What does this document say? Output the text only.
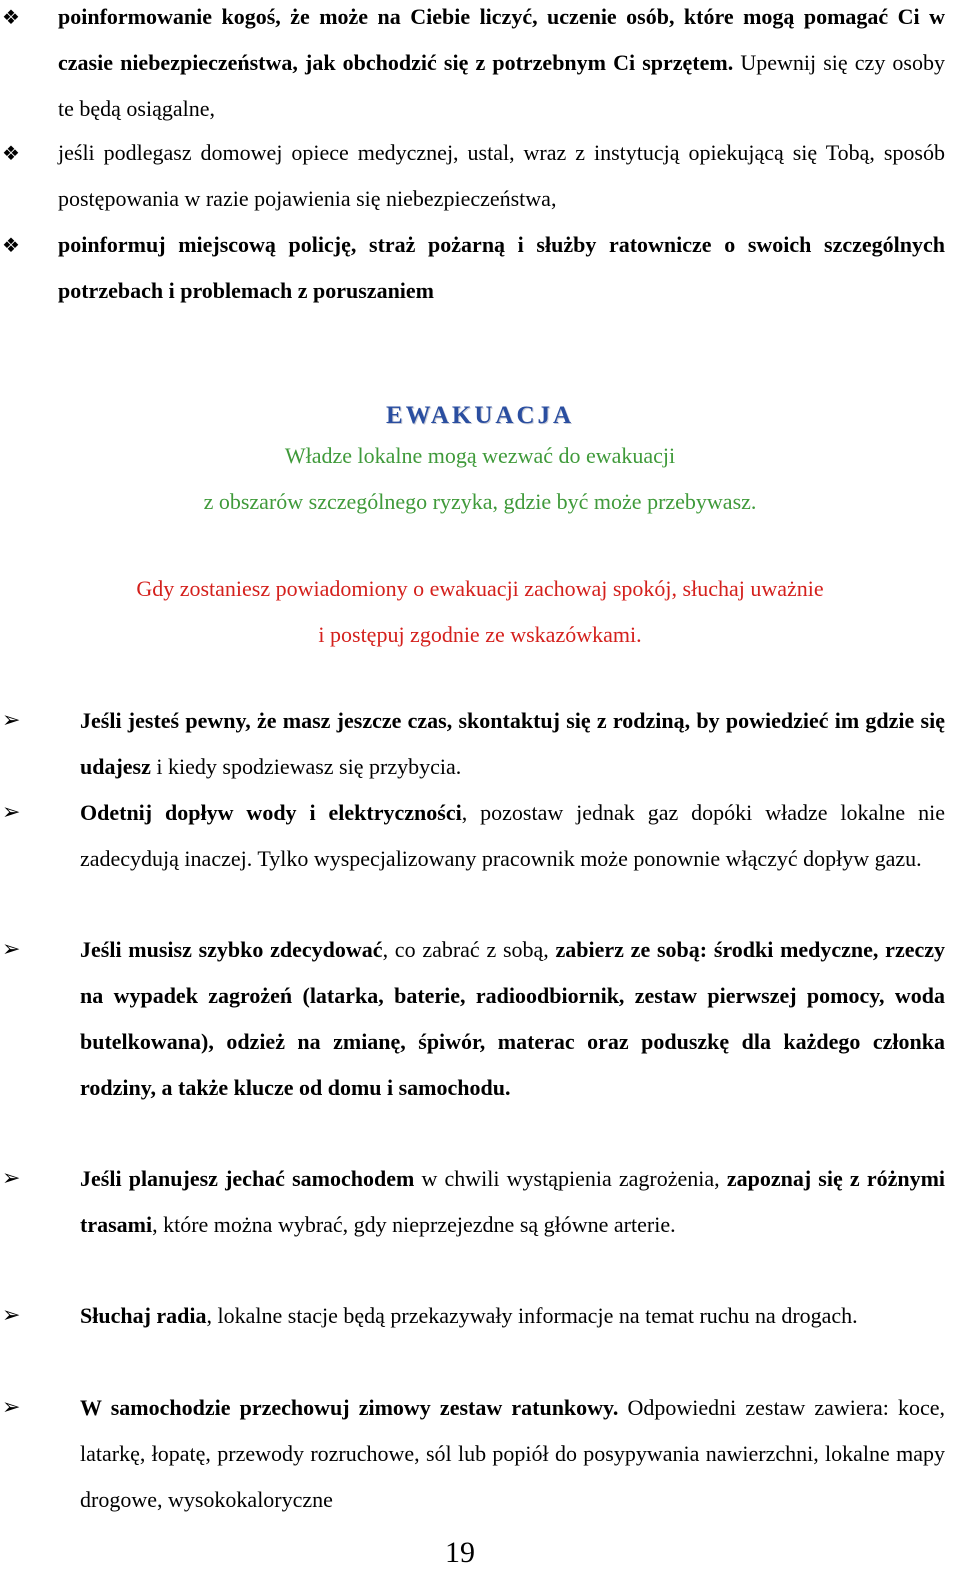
❖ poinformowanie kogoś, że może na Ciebie liczyć, uczenie osób, które mogą pomagać Ci w czasie niebezpieczeństwa, jak obchodzić się z potrzebnym Ci sprzętem. Upewnij się czy osoby te będą osiągalne,
❖ jeśli podlegasz domowej opiece medycznej, ustal, wraz z instytucją opiekującą się Tobą, sposób postępowania w razie pojawienia się niebezpieczeństwa,
❖ poinformuj miejscową policję, straż pożarną i służby ratownicze o swoich szczególnych potrzebach i problemach z poruszaniem
EWAKUACJA
Władze lokalne mogą wezwać do ewakuacji
z obszarów szczególnego ryzyka, gdzie być może przebywasz.
Gdy zostaniesz powiadomiony o ewakuacji zachowaj spokój, słuchaj uważnie
i postępuj zgodnie ze wskazówkami.
➢	Jeśli jesteś pewny, że masz jeszcze czas, skontaktuj się z rodziną, by powiedzieć im gdzie się udajesz i kiedy spodziewasz się przybycia.
➢	Odetnij dopływ wody i elektryczności, pozostaw jednak gaz dopóki władze lokalne nie zadecydują inaczej. Tylko wyspecjalizowany pracownik może ponownie włączyć dopływ gazu.
➢	Jeśli musisz szybko zdecydować, co zabrać z sobą, zabierz ze sobą: środki medyczne, rzeczy na wypadek zagrożeń (latarka, baterie, radioodbiornik, zestaw pierwszej pomocy, woda butelkowana), odzież na zmianę, śpiwór, materac oraz poduszkę dla każdego członka rodziny, a także klucze od domu i samochodu.
➢	Jeśli planujesz jechać samochodem w chwili wystąpienia zagrożenia, zapoznaj się z różnymi trasami, które można wybrać, gdy nieprzejezdne są główne arterie.
➢	Słuchaj radia, lokalne stacje będą przekazywały informacje na temat ruchu na drogach.
➢	W samochodzie przechowuj zimowy zestaw ratunkowy. Odpowiedni zestaw zawiera: koce, latarkę, łopatę, przewody rozruchowe, sól lub popiół do posypywania nawierzchni, lokalne mapy drogowe, wysokokaloryczne
19
